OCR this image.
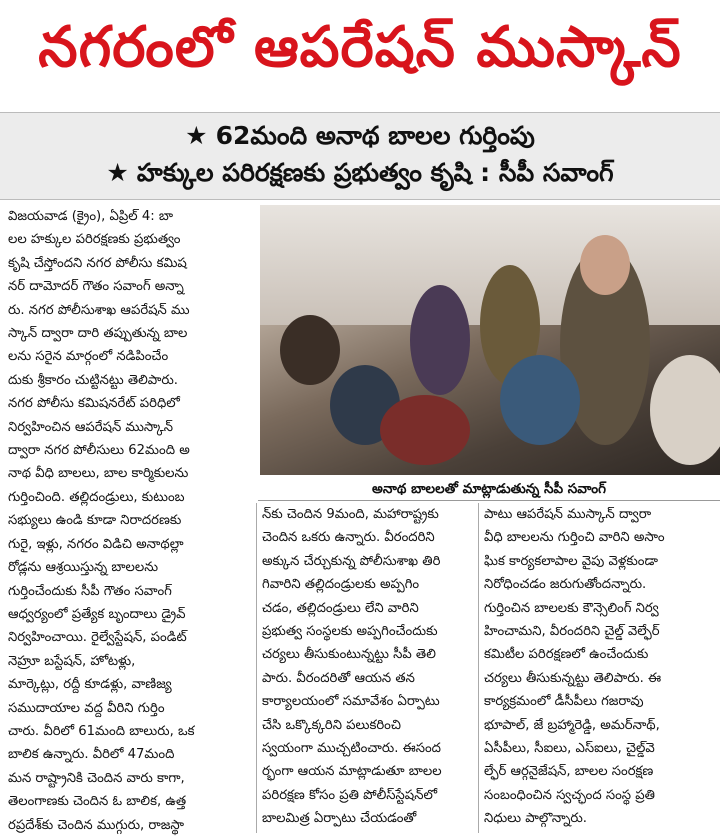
నగరంలో ఆపరేషన్ ముస్కాన్
★ 62మంది అనాథ బాలల గుర్తింపు
★ హక్కుల పరిరక్షణకు ప్రభుత్వం కృషి : సీపీ సవాంగ్
విజయవాడ (క్రైం), ఏప్రిల్ 4: బా
లల హక్కుల పరిరక్షణకు ప్రభుత్వం
కృషి చేస్తోందని నగర పోలీసు కమిష
నర్ దామోదర్ గౌతం సవాంగ్ అన్నా
రు. నగర పోలీసుశాఖ ఆపరేషన్ ము
స్కాన్ ద్వారా దారి తప్పుతున్న బాల
లను సరైన మార్గంలో నడిపించేం
దుకు శ్రీకారం చుట్టినట్టు తెలిపారు.
నగర పోలీసు కమిషనరేట్ పరిధిలో
నిర్వహించిన ఆపరేషన్ ముస్కాన్
ద్వారా నగర పోలీసులు 62మంది అ
నాథ వీధి బాలలు, బాల కార్మికులను
గుర్తించింది. తల్లిదండ్రులు, కుటుంబ
సభ్యులు ఉండి కూడా నిరాదరణకు
గురై, ఇళ్లు, నగరం విడిచి అనాథల్లా
రోడ్లను ఆశ్రయిస్తున్న బాలలను
గుర్తించేందుకు సీపీ గౌతం సవాంగ్
ఆధ్వర్యంలో ప్రత్యేక బృందాలు డ్రైవ్
నిర్వహించాయి. రైల్వేస్టేషన్, పండిట్
నెహ్రూ బస్టేషన్, హోటళ్లు,
మార్కెట్లు, రద్దీ కూడళ్లు, వాణిజ్య
సముదాయాల వద్ద వీరిని గుర్తిం
చారు. వీరిలో 61మంది బాలురు, ఒక
బాలిక ఉన్నారు. వీరిలో 47మంది
మన రాష్ట్రానికి చెందిన వారు కాగా,
తెలంగాణకు చెందిన ఓ బాలిక, ఉత్త
రప్రదేశ్‌కు చెందిన ముగ్గురు, రాజస్థా
అనాథ బాలలతో మాట్లాడుతున్న సీపీ సవాంగ్
న్‌కు చెందిన 9మంది, మహారాష్ట్రకు
చెందిన ఒకరు ఉన్నారు. వీరందరిని
అక్కున చేర్చుకున్న పోలీసుశాఖ తిరి
గివారిని తల్లిదండ్రులకు అప్పగిం
చడం, తల్లిదండ్రులు లేని వారిని
ప్రభుత్వ సంస్థలకు అప్పగించేందుకు
చర్యలు తీసుకుంటున్నట్టు సీపీ తెలి
పారు. వీరందరితో ఆయన తన
కార్యాలయంలో సమావేశం ఏర్పాటు
చేసి ఒక్కొక్కరిని పలుకరించి
స్వయంగా ముచ్చటించారు. ఈసంద
ర్భంగా ఆయన మాట్లాడుతూ బాలల
పరిరక్షణ కోసం ప్రతి పోలీస్‌స్టేషన్‌లో
బాలమిత్ర ఏర్పాటు చేయడంతో
పాటు ఆపరేషన్ ముస్కాన్ ద్వారా
వీధి బాలలను గుర్తించి వారిని అసాం
ఘిక కార్యకలాపాల వైపు వెళ్లకుండా
నిరోధించడం జరుగుతోందన్నారు.
గుర్తించిన బాలలకు కౌన్సెలింగ్ నిర్వ
హించామని, వీరందరిని చైల్డ్ వెల్ఫేర్
కమిటీల పరిరక్షణలో ఉంచేందుకు
చర్యలు తీసుకున్నట్టు తెలిపారు. ఈ
కార్యక్రమంలో డీసీపీలు గజరావు
భూపాల్, జే బ్రహ్మారెడ్డి, అమర్‌నాథ్,
ఏసీపీలు, సీఐలు, ఎస్ఐలు, చైల్డ్‌వె
ల్ఫేర్ ఆర్గనైజేషన్, బాలల సంరక్షణ
సంబంధించిన స్వచ్ఛంద సంస్థ ప్రతి
నిధులు పాల్గొన్నారు.
